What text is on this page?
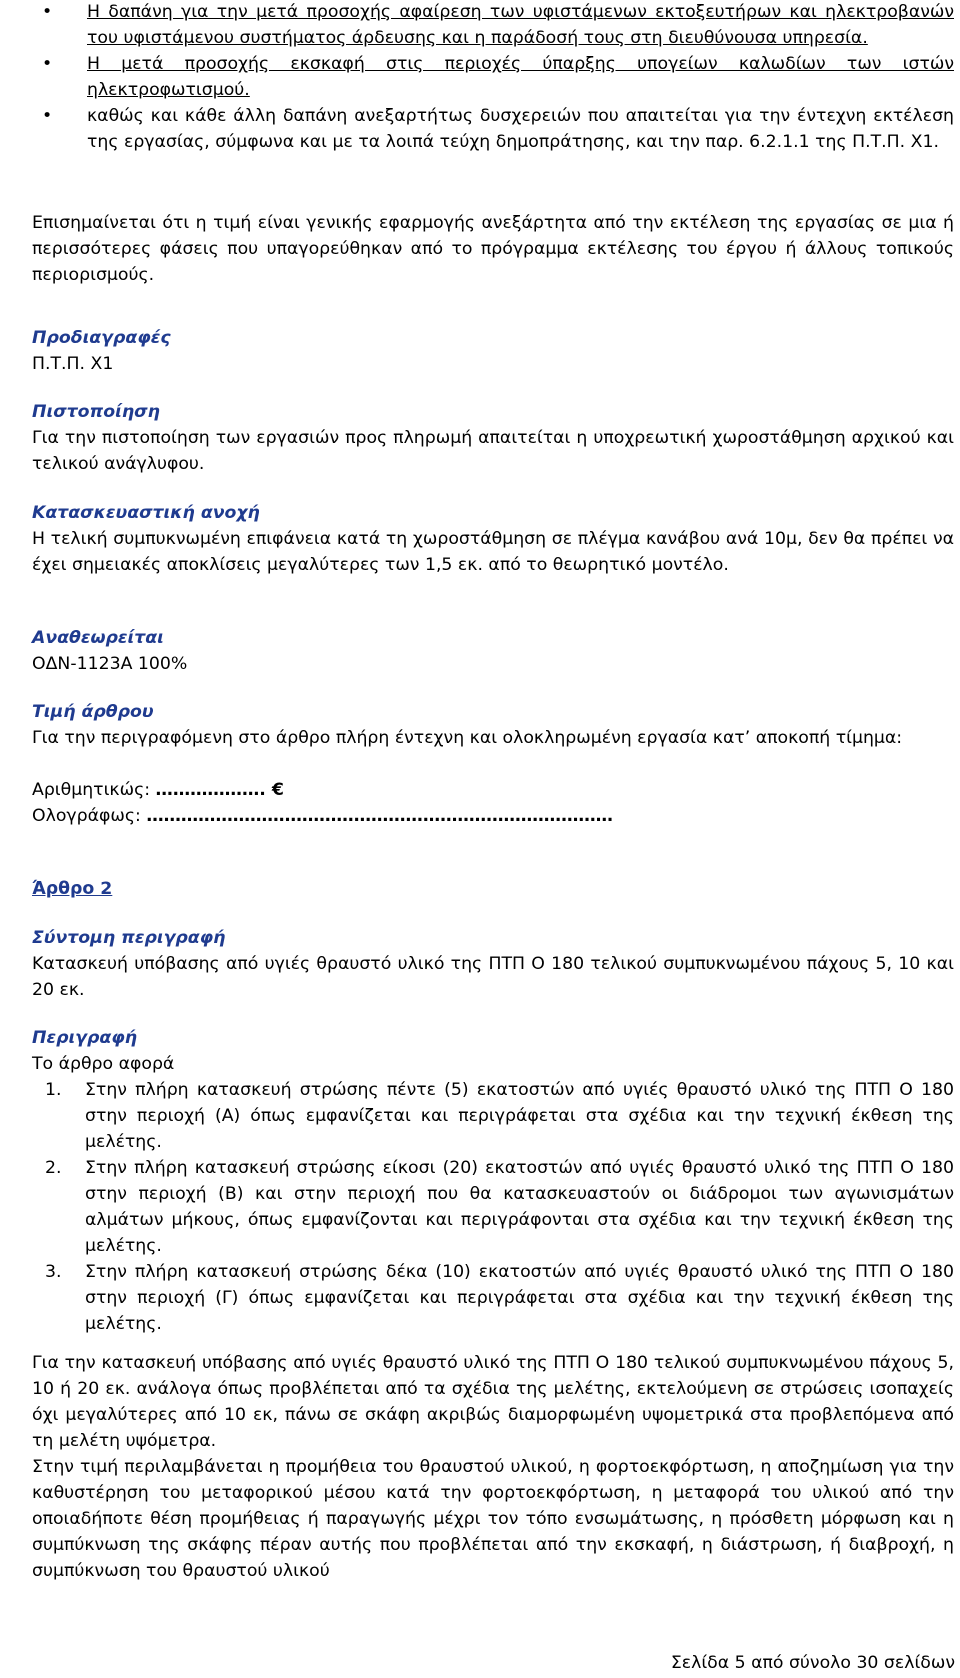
• Η δαπάνη για την μετά προσοχής αφαίρεση των υφιστάμενων εκτοξευτήρων και ηλεκτροβανών του υφιστάμενου συστήματος άρδευσης και η παράδοσή τους στη διευθύνουσα υπηρεσία.
• Η μετά προσοχής εκσκαφή στις περιοχές ύπαρξης υπογείων καλωδίων των ιστών ηλεκτροφωτισμού.
• καθώς και κάθε άλλη δαπάνη ανεξαρτήτως δυσχερειών που απαιτείται για την έντεχνη εκτέλεση της εργασίας, σύμφωνα και με τα λοιπά τεύχη δημοπράτησης, και την παρ. 6.2.1.1 της Π.Τ.Π. Χ1.

Επισημαίνεται ότι η τιμή είναι γενικής εφαρμογής ανεξάρτητα από την εκτέλεση της εργασίας σε μια ή περισσότερες φάσεις που υπαγορεύθηκαν από το πρόγραμμα εκτέλεσης του έργου ή άλλους τοπικούς περιορισμούς.

Προδιαγραφές

Π.Τ.Π. Χ1

Πιστοποίηση

Για την πιστοποίηση των εργασιών προς πληρωμή απαιτείται η υποχρεωτική χωροστάθμηση αρχικού και τελικού ανάγλυφου.

Κατασκευαστική ανοχή

Η τελική συμπυκνωμένη επιφάνεια κατά τη χωροστάθμηση σε πλέγμα κανάβου ανά 10μ, δεν θα πρέπει να έχει σημειακές αποκλίσεις μεγαλύτερες των 1,5 εκ. από το θεωρητικό μοντέλο.

Αναθεωρείται

ΟΔΝ-1123Α 100%

Τιμή άρθρου

Για την περιγραφόμενη στο άρθρο πλήρη έντεχνη και ολοκληρωμένη εργασία κατ’ αποκοπή τίμημα:

Αριθμητικώς: ………………. €

Ολογράφως: ………………………………………………………………………

Άρθρο 2

Σύντομη περιγραφή

Κατασκευή υπόβασης από υγιές θραυστό υλικό της ΠΤΠ Ο 180 τελικού συμπυκνωμένου πάχους 5, 10 και 20 εκ.

Περιγραφή

Το άρθρο αφορά

1. Στην πλήρη κατασκευή στρώσης πέντε (5) εκατοστών από υγιές θραυστό υλικό της ΠΤΠ Ο 180 στην περιοχή (Α) όπως εμφανίζεται και περιγράφεται στα σχέδια και την τεχνική έκθεση της μελέτης.
2. Στην πλήρη κατασκευή στρώσης είκοσι (20) εκατοστών από υγιές θραυστό υλικό της ΠΤΠ Ο 180 στην περιοχή (Β) και στην περιοχή που θα κατασκευαστούν οι διάδρομοι των αγωνισμάτων αλμάτων μήκους, όπως εμφανίζονται και περιγράφονται στα σχέδια και την τεχνική έκθεση της μελέτης.
3. Στην πλήρη κατασκευή στρώσης δέκα (10) εκατοστών από υγιές θραυστό υλικό της ΠΤΠ Ο 180 στην περιοχή (Γ) όπως εμφανίζεται και περιγράφεται στα σχέδια και την τεχνική έκθεση της μελέτης.

Για την κατασκευή υπόβασης από υγιές θραυστό υλικό της ΠΤΠ Ο 180 τελικού συμπυκνωμένου πάχους 5, 10 ή 20 εκ. ανάλογα όπως προβλέπεται από τα σχέδια της μελέτης, εκτελούμενη σε στρώσεις ισοπαχείς όχι μεγαλύτερες από 10 εκ, πάνω σε σκάφη ακριβώς διαμορφωμένη υψομετρικά στα προβλεπόμενα από τη μελέτη υψόμετρα.

Στην τιμή περιλαμβάνεται η προμήθεια του θραυστού υλικού, η φορτοεκφόρτωση, η αποζημίωση για την καθυστέρηση του μεταφορικού μέσου κατά την φορτοεκφόρτωση, η μεταφορά του υλικού από την οποιαδήποτε θέση προμήθειας ή παραγωγής μέχρι τον τόπο ενσωμάτωσης, η πρόσθετη μόρφωση και η συμπύκνωση της σκάφης πέραν αυτής που προβλέπεται από την εκσκαφή, η διάστρωση, ή διαβροχή, η συμπύκνωση του θραυστού υλικού

Σελίδα 5 από σύνολο 30 σελίδων
